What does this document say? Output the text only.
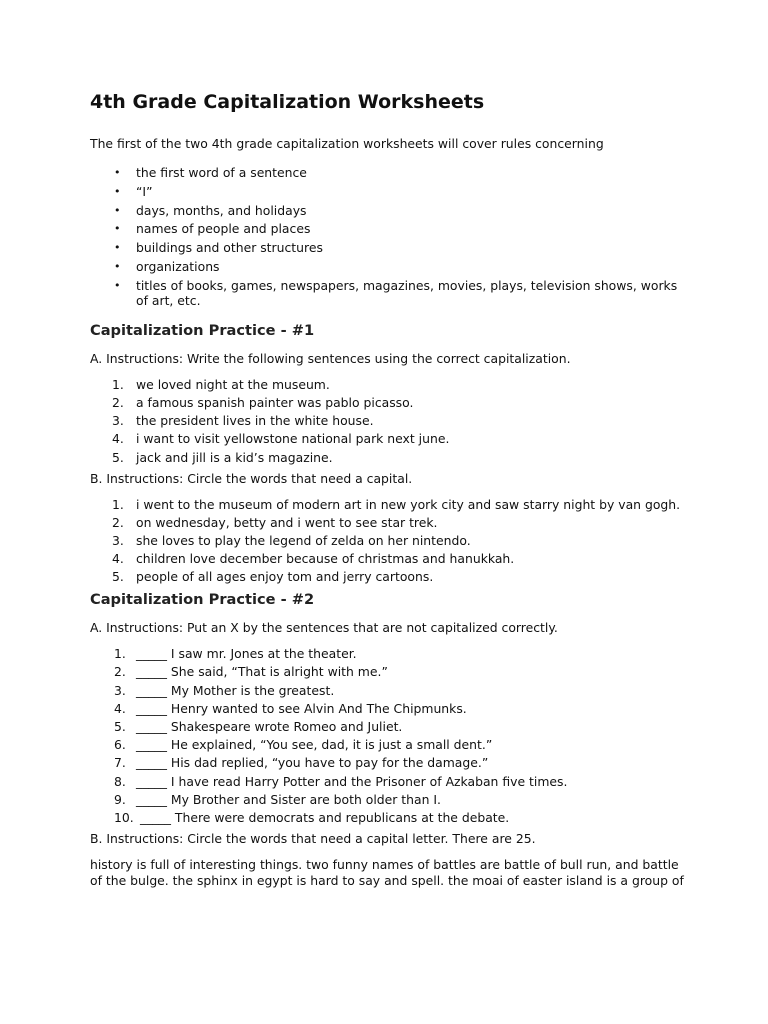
4th Grade Capitalization Worksheets

The first of the two 4th grade capitalization worksheets will cover rules concerning

• the first word of a sentence
• “I”
• days, months, and holidays
• names of people and places
• buildings and other structures
• organizations
• titles of books, games, newspapers, magazines, movies, plays, television shows, works of art, etc.
Capitalization Practice - #1

A. Instructions: Write the following sentences using the correct capitalization.

1. we loved night at the museum.
2. a famous spanish painter was pablo picasso.
3. the president lives in the white house.
4. i want to visit yellowstone national park next june.
5. jack and jill is a kid’s magazine.

B. Instructions: Circle the words that need a capital.

1. i went to the museum of modern art in new york city and saw starry night by van gogh.
2. on wednesday, betty and i went to see star trek.
3. she loves to play the legend of zelda on her nintendo.
4. children love december because of christmas and hanukkah.
5. people of all ages enjoy tom and jerry cartoons.
Capitalization Practice - #2

A. Instructions: Put an X by the sentences that are not capitalized correctly.

1. _____ I saw mr. Jones at the theater.
2. _____ She said, “That is alright with me.”
3. _____ My Mother is the greatest.
4. _____ Henry wanted to see Alvin And The Chipmunks.
5. _____ Shakespeare wrote Romeo and Juliet.
6. _____ He explained, “You see, dad, it is just a small dent.”
7. _____ His dad replied, “you have to pay for the damage.”
8. _____ I have read Harry Potter and the Prisoner of Azkaban five times.
9. _____ My Brother and Sister are both older than I.
10. _____ There were democrats and republicans at the debate.

B. Instructions: Circle the words that need a capital letter. There are 25.

history is full of interesting things. two funny names of battles are battle of bull run, and battle of the bulge. the sphinx in egypt is hard to say and spell. the moai of easter island is a group of
